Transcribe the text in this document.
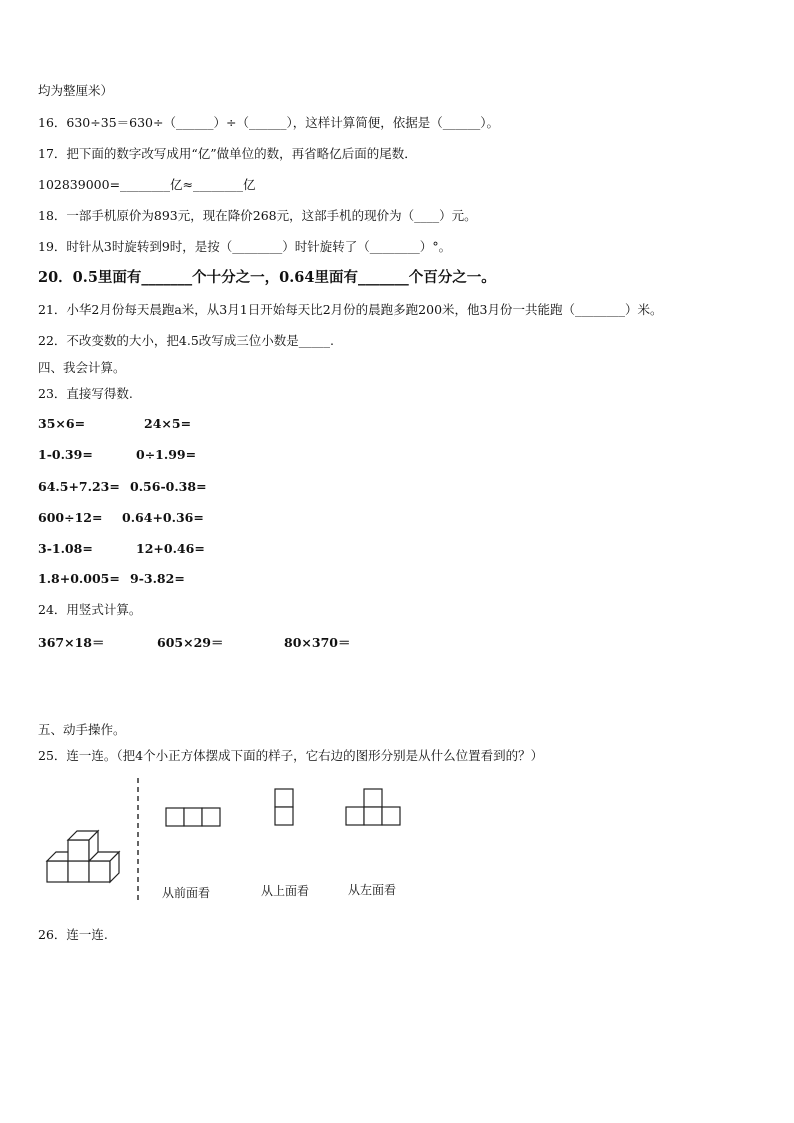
均为整厘米）
16．630÷35＝630÷（______）÷（______），这样计算简便，依据是（______）。
17．把下面的数字改写成用“亿”做单位的数，再省略亿后面的尾数．
102839000=________亿≈________亿
18．一部手机原价为893元，现在降价268元，这部手机的现价为（____）元。
19．时针从3时旋转到9时，是按（________）时针旋转了（________）°。
20．0.5里面有_______个十分之一，0.64里面有_______个百分之一。
21．小华2月份每天晨跑a米，从3月1日开始每天比2月份的晨跑多跑200米，他3月份一共能跑（________）米。
22．不改变数的大小，把4.5改写成三位小数是_____.
四、我会计算。
23．直接写得数.
35×6=	24×5=
1-0.39=	0÷1.99=
64.5+7.23= 0.56-0.38=
600÷12= 0.64+0.36=
3-1.08=	12+0.46=
1.8+0.005= 9-3.82=
24．用竖式计算。
367×18＝	605×29＝	80×370＝
五、动手操作。
25．连一连。（把4个小正方体摆成下面的样子，它右边的图形分别是从什么位置看到的？）
从前面看	从上面看	从左面看
26．连一连.
